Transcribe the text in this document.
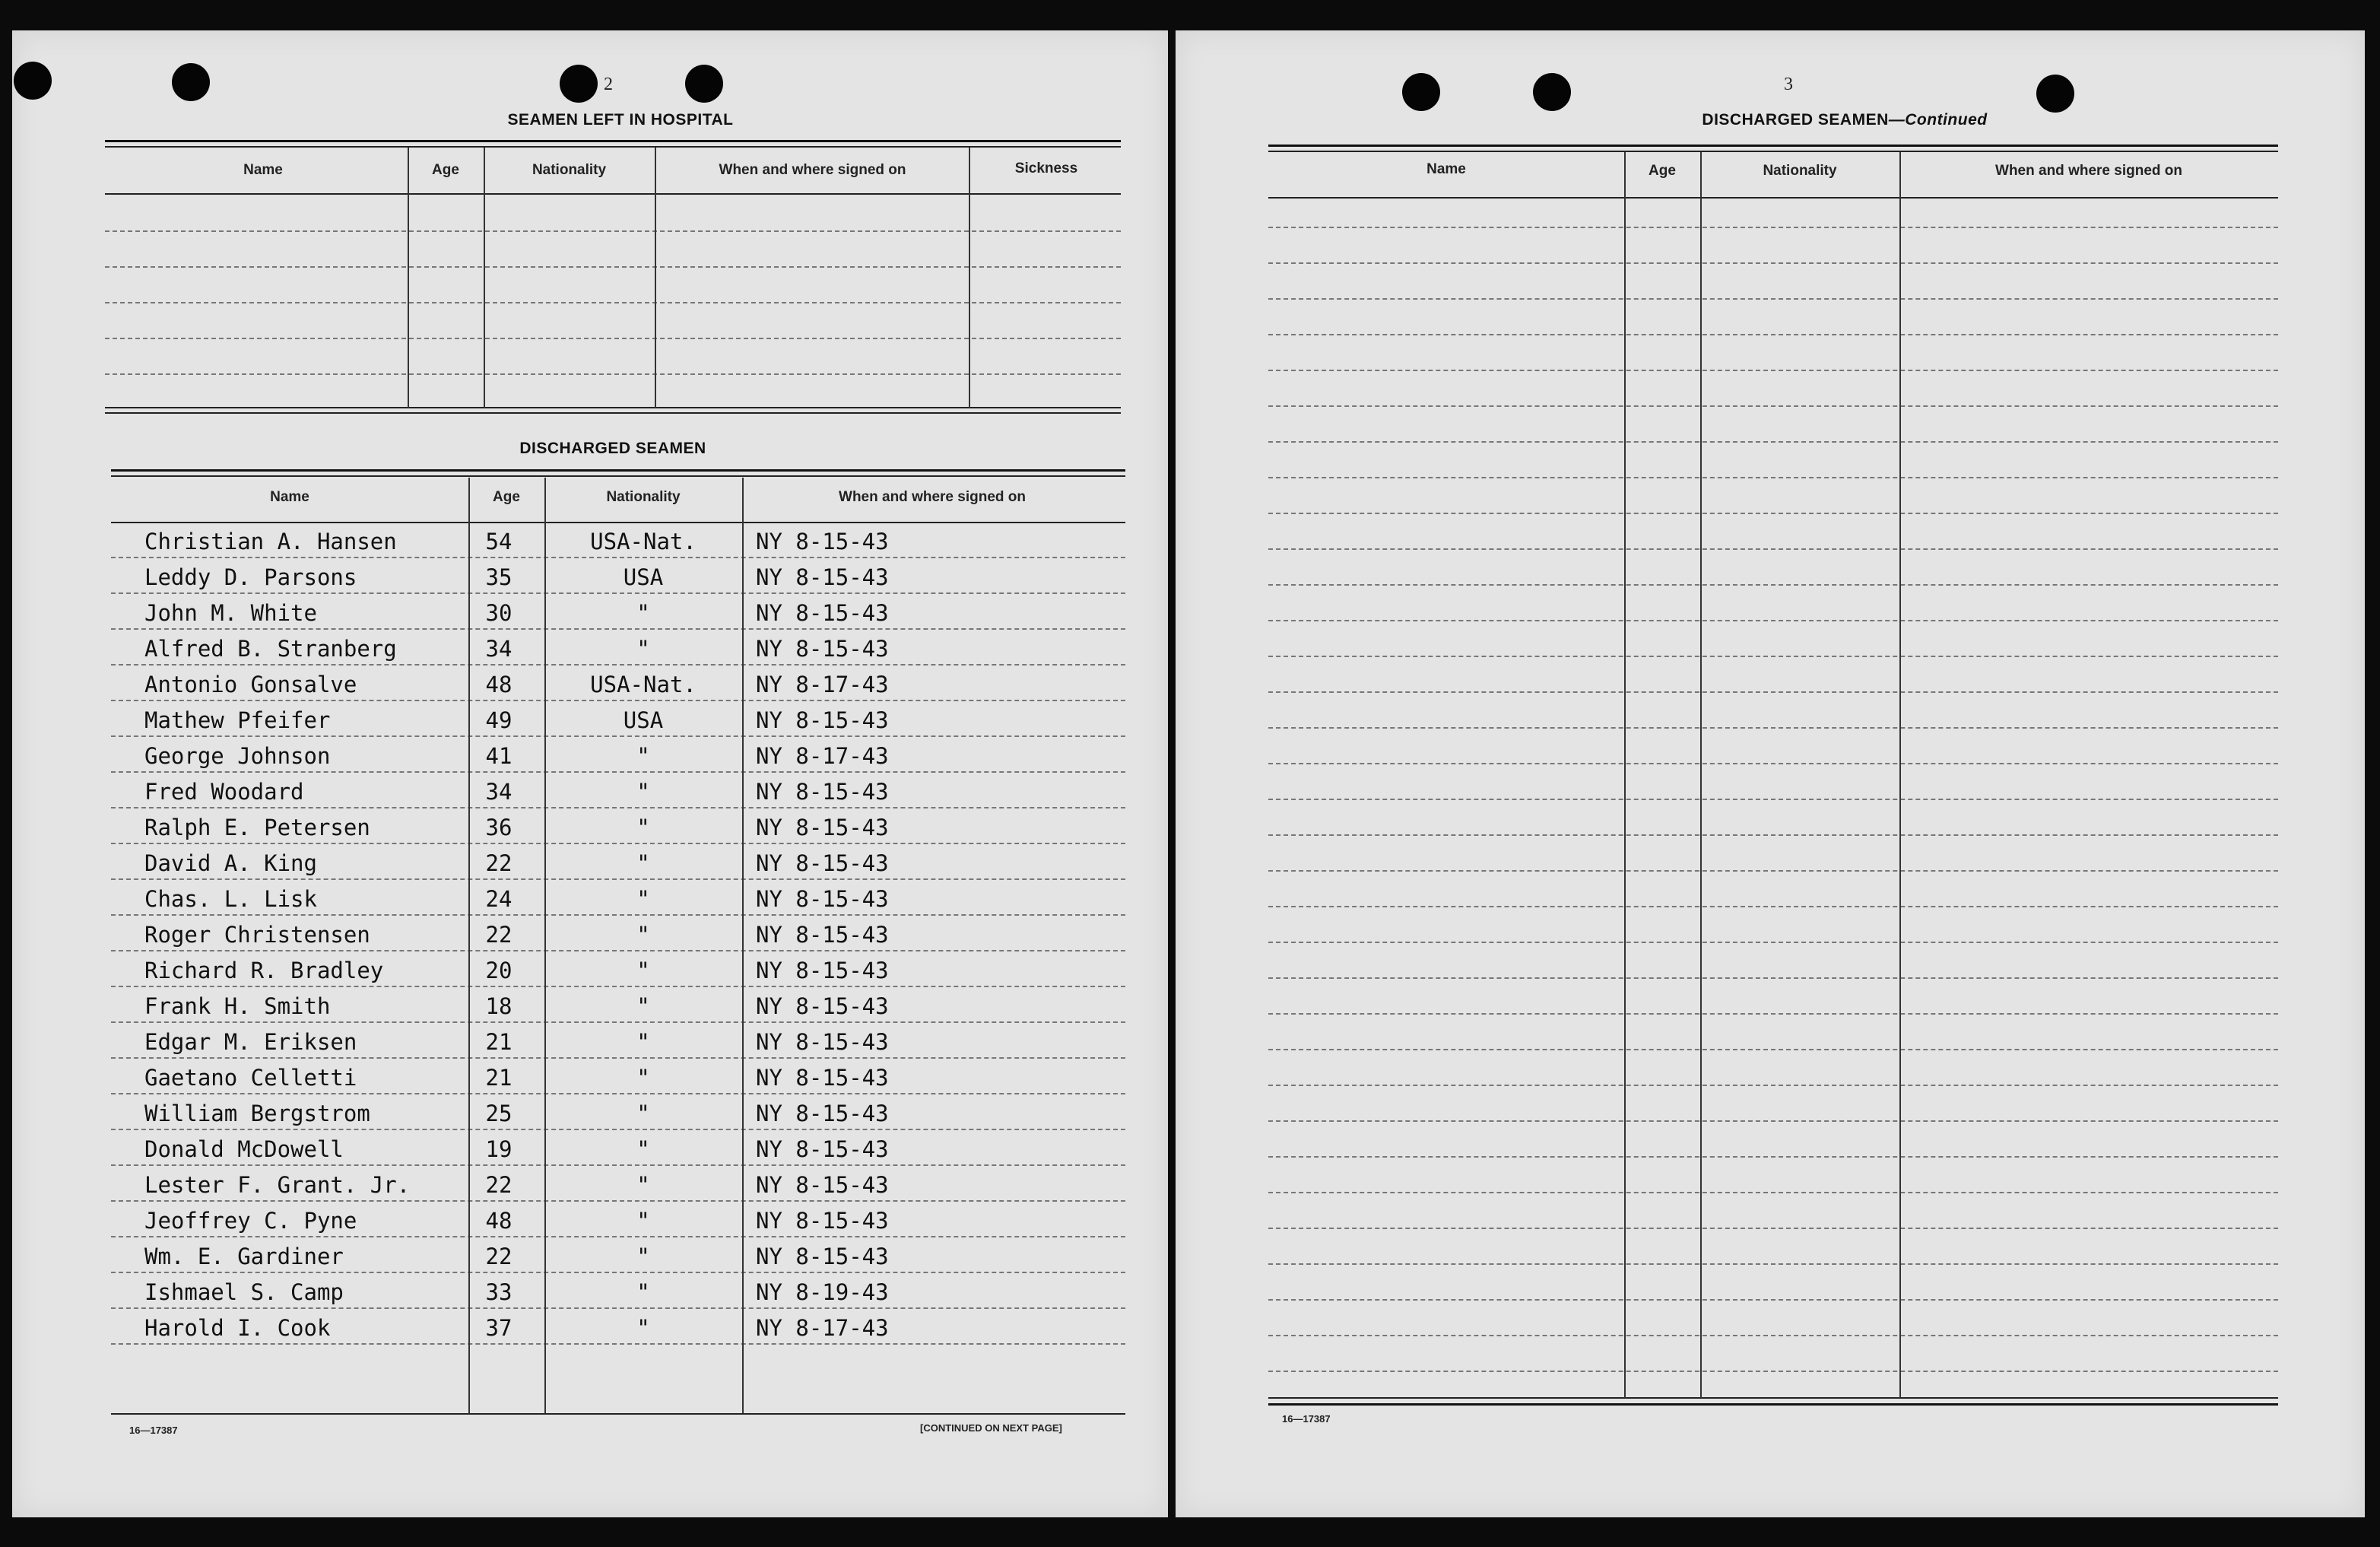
2
SEAMEN LEFT IN HOSPITAL
Name	Age	Nationality	When and where signed on	Sickness
DISCHARGED SEAMEN
Name	Age	Nationality	When and where signed on
Christian A. Hansen	54	USA-Nat.	NY 8-15-43
Leddy D. Parsons	35	USA	NY 8-15-43
John M. White	30	"	NY 8-15-43
Alfred B. Stranberg	34	"	NY 8-15-43
Antonio Gonsalve	48	USA-Nat.	NY 8-17-43
Mathew Pfeifer	49	USA	NY 8-15-43
George Johnson	41	"	NY 8-17-43
Fred Woodard	34	"	NY 8-15-43
Ralph E. Petersen	36	"	NY 8-15-43
David A. King	22	"	NY 8-15-43
Chas. L. Lisk	24	"	NY 8-15-43
Roger Christensen	22	"	NY 8-15-43
Richard R. Bradley	20	"	NY 8-15-43
Frank H. Smith	18	"	NY 8-15-43
Edgar M. Eriksen	21	"	NY 8-15-43
Gaetano Celletti	21	"	NY 8-15-43
William Bergstrom	25	"	NY 8-15-43
Donald McDowell	19	"	NY 8-15-43
Lester F. Grant. Jr.	22	"	NY 8-15-43
Jeoffrey C. Pyne	48	"	NY 8-15-43
Wm. E. Gardiner	22	"	NY 8-15-43
Ishmael S. Camp	33	"	NY 8-19-43
Harold I. Cook	37	"	NY 8-17-43
16—17387	[CONTINUED ON NEXT PAGE]
3
DISCHARGED SEAMEN—Continued
Name	Age	Nationality	When and where signed on
16—17387
